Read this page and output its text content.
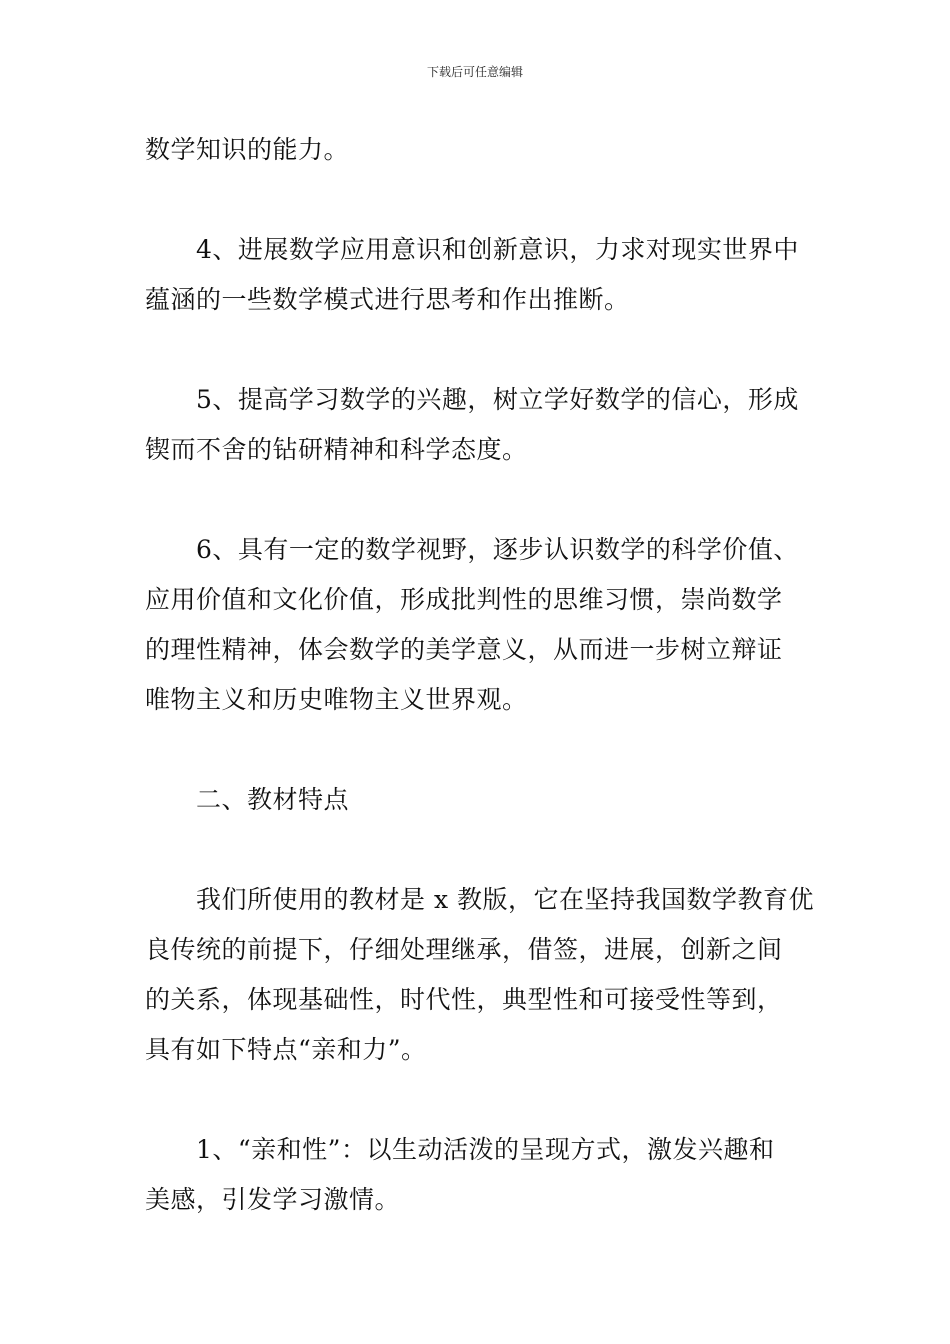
下载后可任意编辑
数学知识的能力。
4、进展数学应用意识和创新意识，力求对现实世界中
蕴涵的一些数学模式进行思考和作出推断。
5、提高学习数学的兴趣，树立学好数学的信心，形成
锲而不舍的钻研精神和科学态度。
6、具有一定的数学视野，逐步认识数学的科学价值、
应用价值和文化价值，形成批判性的思维习惯，崇尚数学
的理性精神，体会数学的美学意义，从而进一步树立辩证
唯物主义和历史唯物主义世界观。
二、教材特点
我们所使用的教材是 x 教版，它在坚持我国数学教育优
良传统的前提下，仔细处理继承，借签，进展，创新之间
的关系，体现基础性，时代性，典型性和可接受性等到，
具有如下特点“亲和力”。
1、“亲和性”：以生动活泼的呈现方式，激发兴趣和
美感，引发学习激情。
